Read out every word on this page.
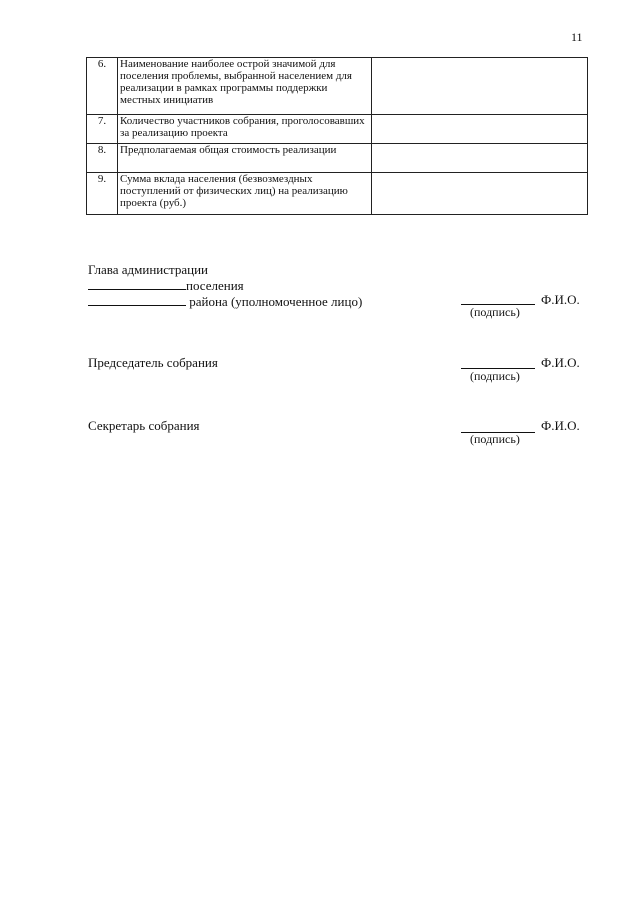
11
6.	Наименование наиболее острой значимой для поселения проблемы, выбранной населением для реализации в рамках программы поддержки местных инициатив	
7.	Количество участников собрания, проголосовавших за реализацию проекта	
8.	Предполагаемая общая стоимость реализации	
9.	Сумма вклада населения (безвозмездных поступлений от физических лиц) на реализацию проекта (руб.)	
Глава администрации
поселения
района (уполномоченное лицо)	Ф.И.О.
(подпись)
Председатель собрания	Ф.И.О.
(подпись)
Секретарь собрания	Ф.И.О.
(подпись)
